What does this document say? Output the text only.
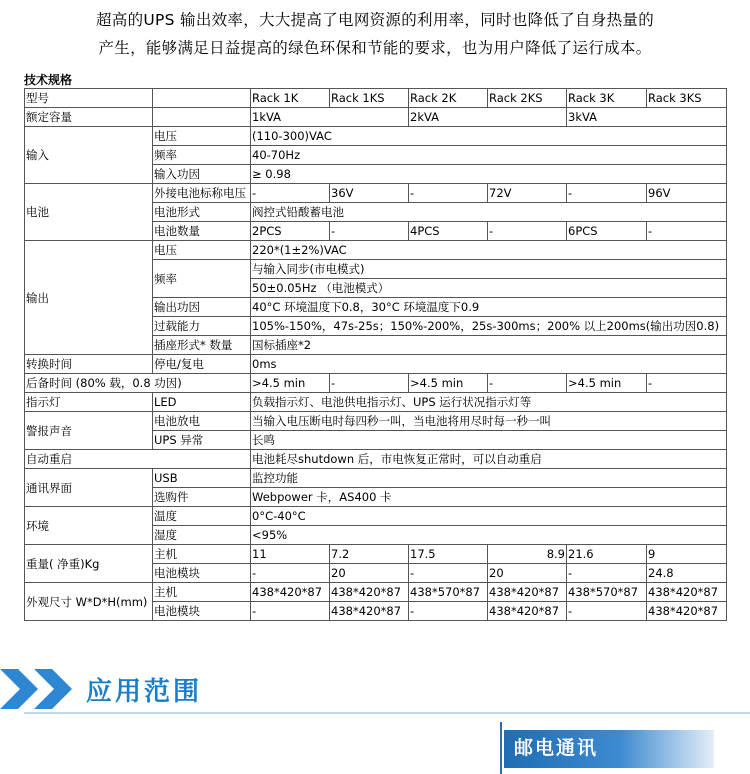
超高的UPS 输出效率，大大提高了电网资源的利用率，同时也降低了自身热量的
产生，能够满足日益提高的绿色环保和节能的要求，也为用户降低了运行成本。
技术规格
型号		Rack 1K	Rack 1KS	Rack 2K	Rack 2KS	Rack 3K	Rack 3KS
额定容量		1kVA		2kVA		3kVA	
输入	电压	(110-300)VAC					
	频率	40-70Hz					
	输入功因	≥ 0.98					
电池	外接电池标称电压	-	36V	-	72V	-	96V
	电池形式	阀控式铅酸蓄电池					
	电池数量	2PCS	-	4PCS	-	6PCS	-
输出	电压	220*(1±2%)VAC					
	频率	与输入同步(市电模式)					
		50±0.05Hz （电池模式）					
	输出功因	40°C 环境温度下0.8，30°C 环境温度下0.9					
	过载能力	105%-150%，47s-25s；150%-200%，25s-300ms；200% 以上200ms(输出功因0.8)					
	插座形式* 数量	国标插座*2					
转换时间	停电/复电	0ms					
后备时间 (80% 载，0.8 功因)		>4.5 min	-	>4.5 min	-	>4.5 min	-
指示灯	LED	负载指示灯、电池供电指示灯、UPS 运行状况指示灯等					
警报声音	电池放电	当输入电压断电时每四秒一叫，当电池将用尽时每一秒一叫					
	UPS 异常	长鸣					
自动重启		电池耗尽shutdown 后，市电恢复正常时，可以自动重启					
通讯界面	USB	监控功能					
	选购件	Webpower 卡，AS400 卡					
环境	温度	0°C-40°C					
	湿度	<95%					
重量( 净重)Kg	主机	11	7.2	17.5	8.9	21.6	9
	电池模块	-	20	-	20	-	24.8
外观尺寸 W*D*H(mm)	主机	438*420*87	438*420*87	438*570*87	438*420*87	438*570*87	438*420*87
	电池模块	-	438*420*87	-	438*420*87	-	438*420*87
应用范围
邮电通讯
